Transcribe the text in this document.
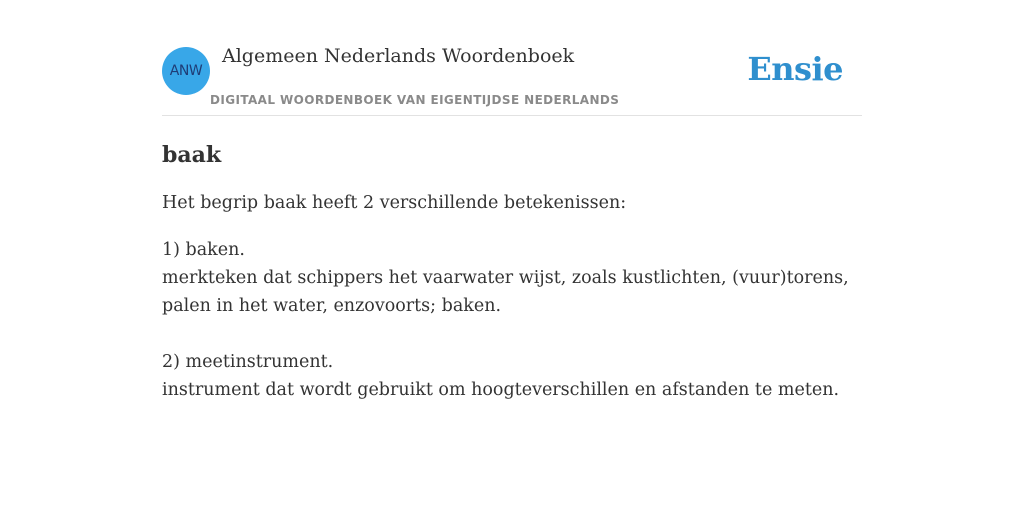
ANW
Algemeen Nederlands Woordenboek
DIGITAAL WOORDENBOEK VAN EIGENTIJDSE NEDERLANDS
Ensie
baak

Het begrip baak heeft 2 verschillende betekenissen:

1) baken.
merkteken dat schippers het vaarwater wijst, zoals kustlichten, (vuur)torens, palen in het water, enzovoorts; baken.

2) meetinstrument.
instrument dat wordt gebruikt om hoogteverschillen en afstanden te meten.
